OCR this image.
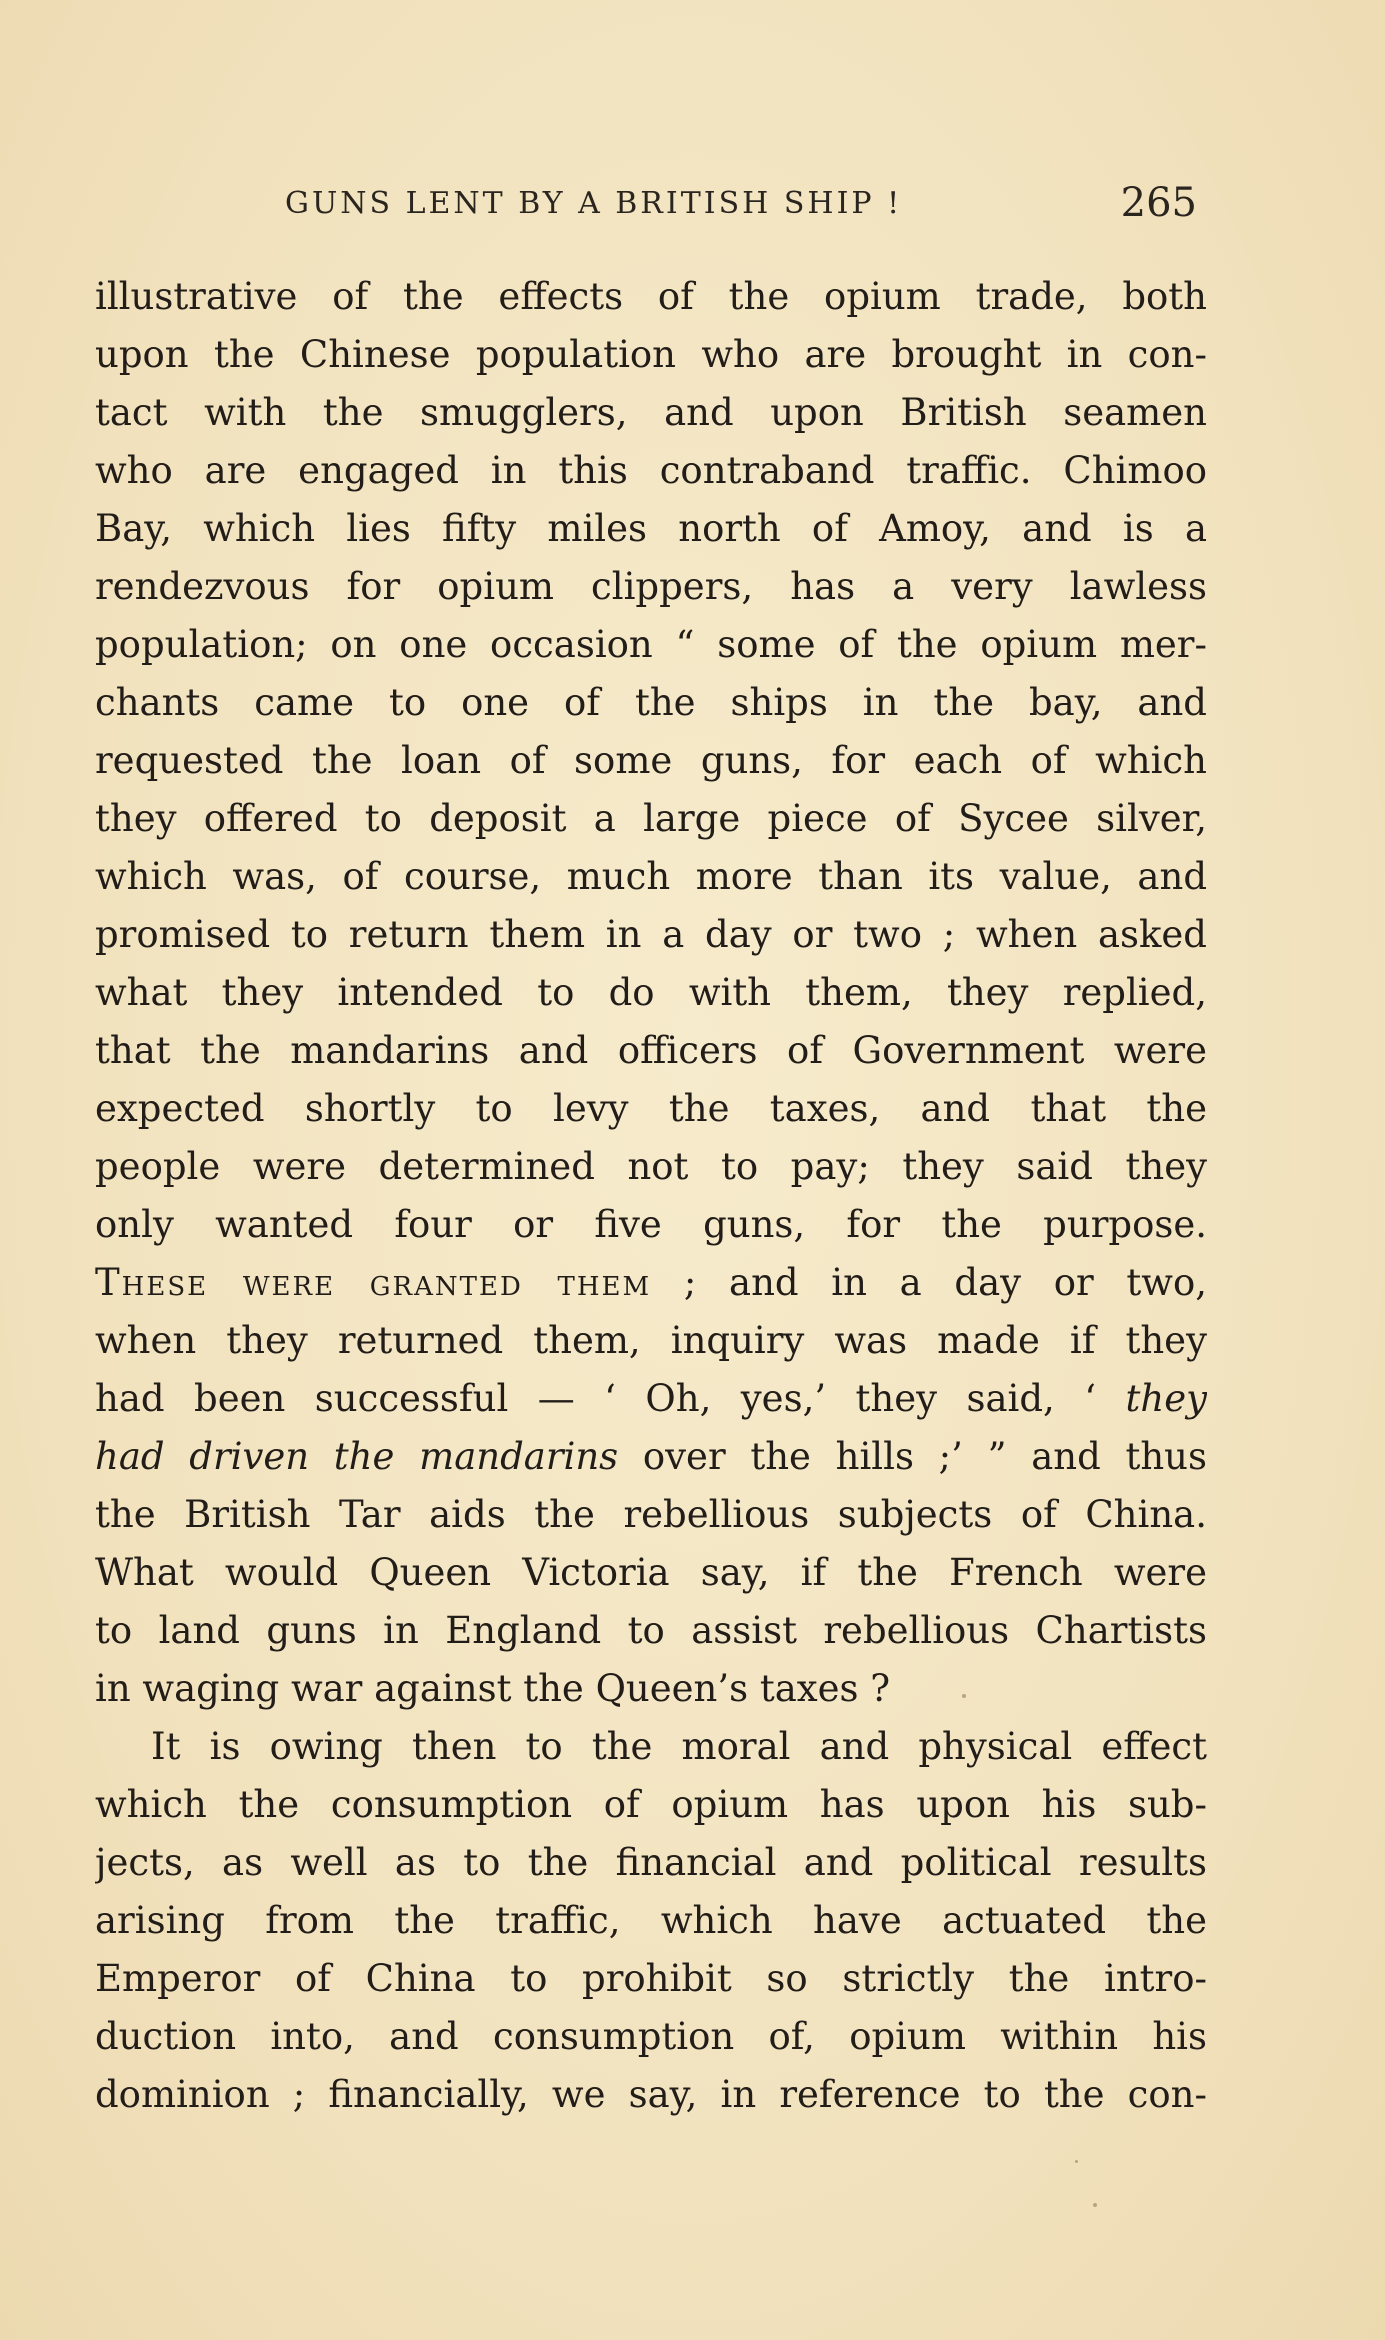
GUNS LENT BY A BRITISH SHIP !	265
illustrative of the effects of the opium trade, both
upon the Chinese population who are brought in con-
tact with the smugglers, and upon British seamen
who are engaged in this contraband traffic. Chimoo
Bay, which lies fifty miles north of Amoy, and is a
rendezvous for opium clippers, has a very lawless
population; on one occasion “ some of the opium mer-
chants came to one of the ships in the bay, and
requested the loan of some guns, for each of which
they offered to deposit a large piece of Sycee silver,
which was, of course, much more than its value, and
promised to return them in a day or two ; when asked
what they intended to do with them, they replied,
that the mandarins and officers of Government were
expected shortly to levy the taxes, and that the
people were determined not to pay; they said they
only wanted four or five guns, for the purpose.
These were granted them ; and in a day or two,
when they returned them, inquiry was made if they
had been successful — ‘ Oh, yes,’ they said, ‘ they
had driven the mandarins over the hills ;’ ” and thus
the British Tar aids the rebellious subjects of China.
What would Queen Victoria say, if the French were
to land guns in England to assist rebellious Chartists
in waging war against the Queen’s taxes ?
It is owing then to the moral and physical effect
which the consumption of opium has upon his sub-
jects, as well as to the financial and political results
arising from the traffic, which have actuated the
Emperor of China to prohibit so strictly the intro-
duction into, and consumption of, opium within his
dominion ; financially, we say, in reference to the con-
